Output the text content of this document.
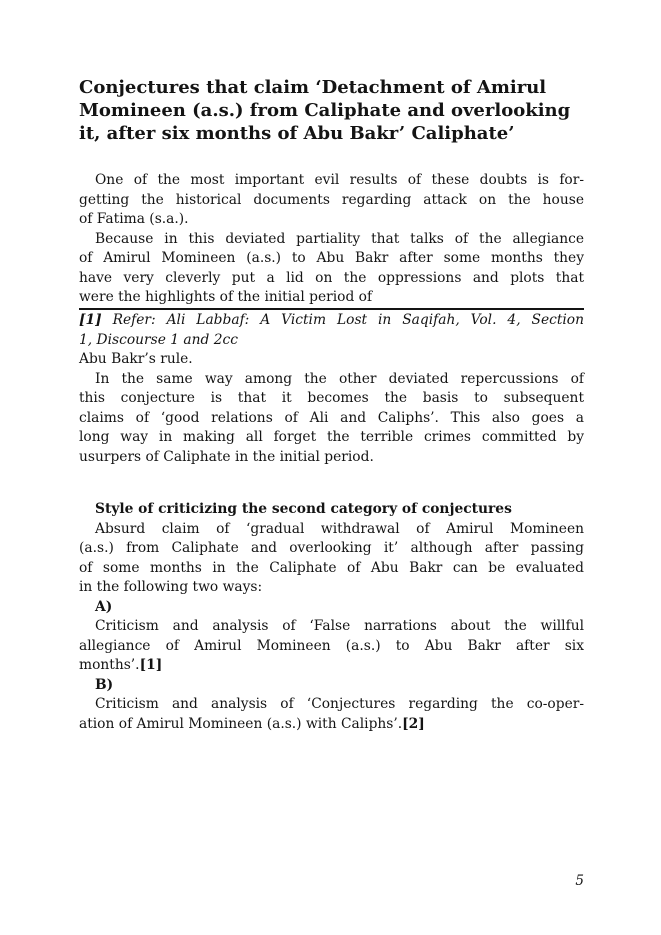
Conjectures that claim ‘Detachment of Amirul
Momineen (a.s.) from Caliphate and overlooking
it, after six months of Abu Bakr’ Caliphate’
One of the most important evil results of these doubts is for-
getting the historical documents regarding attack on the house
of Fatima (s.a.).
Because in this deviated partiality that talks of the allegiance
of Amirul Momineen (a.s.) to Abu Bakr after some months they
have very cleverly put a lid on the oppressions and plots that
were the highlights of the initial period of
[1] Refer: Ali Labbaf: A Victim Lost in Saqifah, Vol. 4, Section
1, Discourse 1 and 2cc
Abu Bakr’s rule.
In the same way among the other deviated repercussions of
this conjecture is that it becomes the basis to subsequent
claims of ‘good relations of Ali and Caliphs’. This also goes a
long way in making all forget the terrible crimes committed by
usurpers of Caliphate in the initial period.
Style of criticizing the second category of conjectures
Absurd claim of ‘gradual withdrawal of Amirul Momineen
(a.s.) from Caliphate and overlooking it’ although after passing
of some months in the Caliphate of Abu Bakr can be evaluated
in the following two ways:
A)
Criticism and analysis of ‘False narrations about the willful
allegiance of Amirul Momineen (a.s.) to Abu Bakr after six
months’.[1]
B)
Criticism and analysis of ‘Conjectures regarding the co-oper-
ation of Amirul Momineen (a.s.) with Caliphs’.[2]
5
